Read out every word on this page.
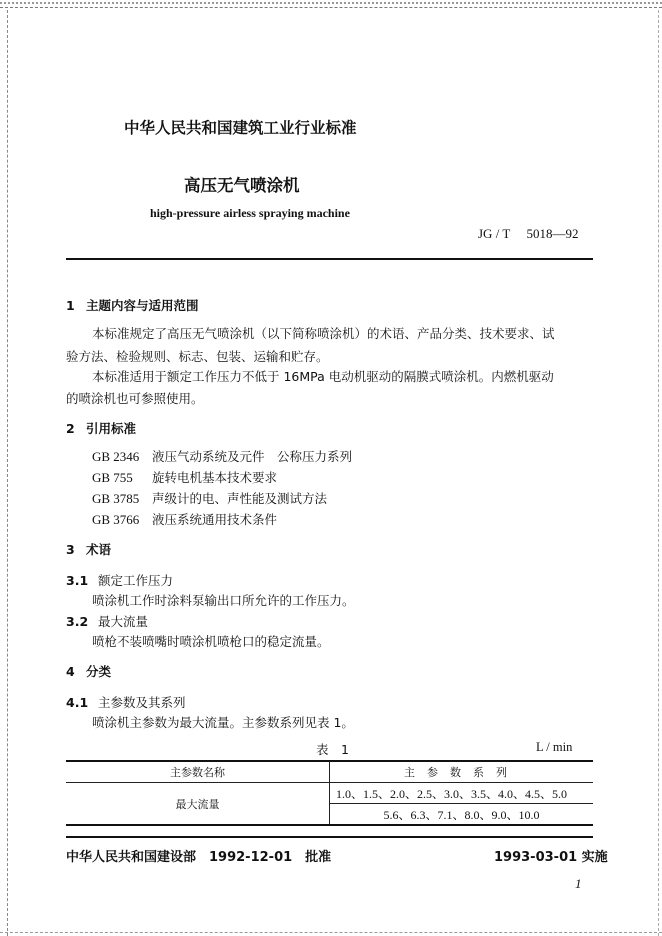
中华人民共和国建筑工业行业标准
高压无气喷涂机
high-pressure airless spraying machine
JG / T 5018—92
1 主题内容与适用范围
本标准规定了高压无气喷涂机（以下简称喷涂机）的术语、产品分类、技术要求、试
验方法、检验规则、标志、包装、运输和贮存。
本标准适用于额定工作压力不低于 16MPa 电动机驱动的隔膜式喷涂机。内燃机驱动
的喷涂机也可参照使用。
2 引用标准
GB 2346 液压气动系统及元件　公称压力系列
GB 755 旋转电机基本技术要求
GB 3785 声级计的电、声性能及测试方法
GB 3766 液压系统通用技术条件
3 术语
3.1 额定工作压力
喷涂机工作时涂料泵输出口所允许的工作压力。
3.2 最大流量
喷枪不装喷嘴时喷涂机喷枪口的稳定流量。
4 分类
4.1 主参数及其系列
喷涂机主参数为最大流量。主参数系列见表 1。
表　1	L / min
主参数名称	主参数系列
最大流量	1.0、1.5、2.0、2.5、3.0、3.5、4.0、4.5、5.0
	5.6、6.3、7.1、8.0、9.0、10.0
中华人民共和国建设部　1992-12-01　批准	1993-03-01 实施
1
